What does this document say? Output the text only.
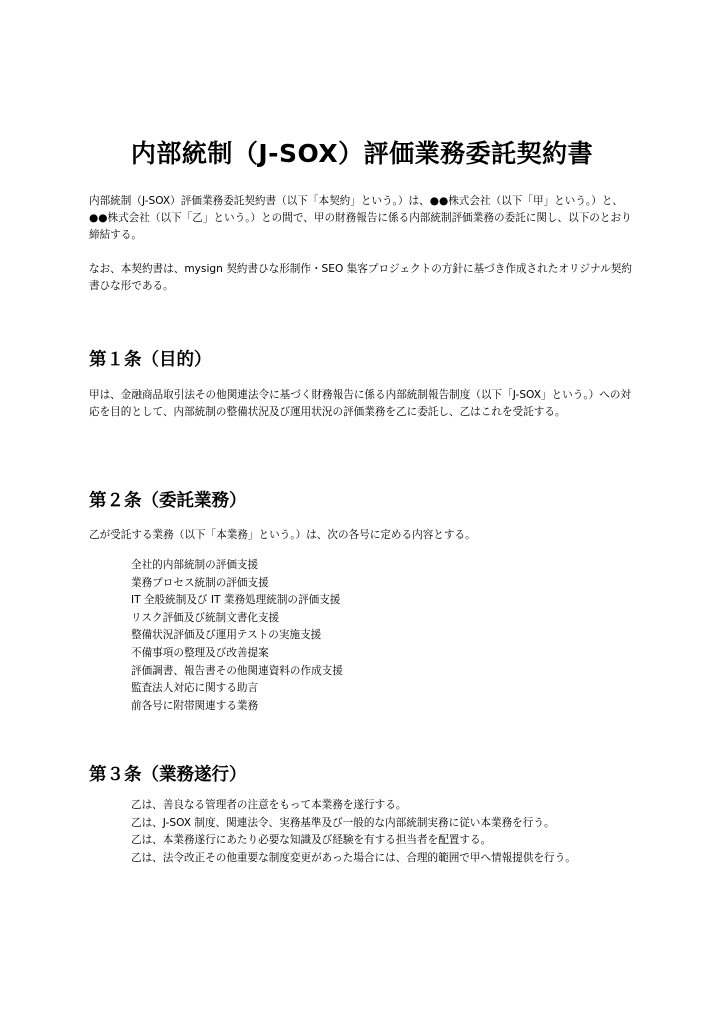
内部統制（J-SOX）評価業務委託契約書

内部統制（J-SOX）評価業務委託契約書（以下「本契約」という。）は、●●株式会社（以下「甲」という。）と、●●株式会社（以下「乙」という。）との間で、甲の財務報告に係る内部統制評価業務の委託に関し、以下のとおり締結する。

なお、本契約書は、mysign 契約書ひな形制作・SEO 集客プロジェクトの方針に基づき作成されたオリジナル契約書ひな形である。

第１条（目的）

甲は、金融商品取引法その他関連法令に基づく財務報告に係る内部統制報告制度（以下「J-SOX」という。）への対応を目的として、内部統制の整備状況及び運用状況の評価業務を乙に委託し、乙はこれを受託する。

第２条（委託業務）

乙が受託する業務（以下「本業務」という。）は、次の各号に定める内容とする。

全社的内部統制の評価支援
業務プロセス統制の評価支援
IT 全般統制及び IT 業務処理統制の評価支援
リスク評価及び統制文書化支援
整備状況評価及び運用テストの実施支援
不備事項の整理及び改善提案
評価調書、報告書その他関連資料の作成支援
監査法人対応に関する助言
前各号に附帯関連する業務
第３条（業務遂行）
乙は、善良なる管理者の注意をもって本業務を遂行する。
乙は、J-SOX 制度、関連法令、実務基準及び一般的な内部統制実務に従い本業務を行う。
乙は、本業務遂行にあたり必要な知識及び経験を有する担当者を配置する。
乙は、法令改正その他重要な制度変更があった場合には、合理的範囲で甲へ情報提供を行う。
